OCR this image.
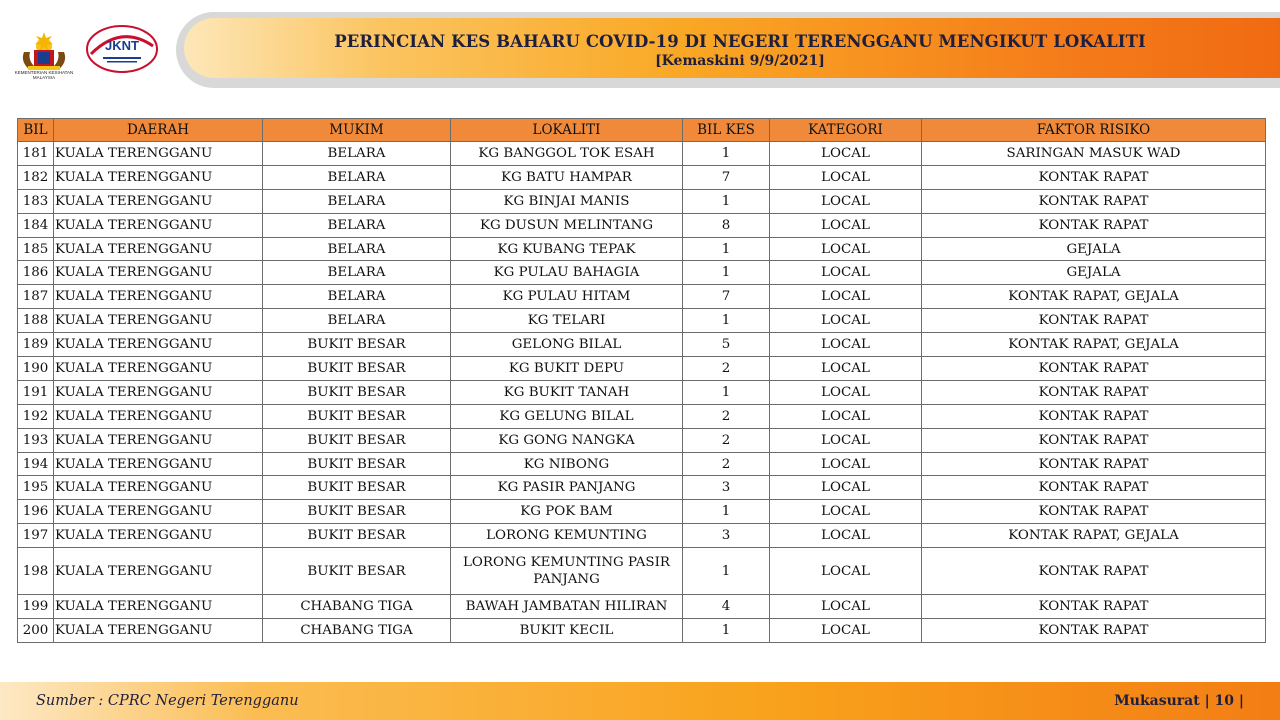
PERINCIAN KES BAHARU COVID-19 DI NEGERI TERENGGANU MENGIKUT LOKALITI
[Kemaskini 9/9/2021]
KEMENTERIAN KESIHATAN MALAYSIA
JKNT
BIL	DAERAH	MUKIM	LOKALITI	BIL KES	KATEGORI	FAKTOR RISIKO
181	KUALA TERENGGANU	BELARA	KG BANGGOL TOK ESAH	1	LOCAL	SARINGAN MASUK WAD
182	KUALA TERENGGANU	BELARA	KG BATU HAMPAR	7	LOCAL	KONTAK RAPAT
183	KUALA TERENGGANU	BELARA	KG BINJAI MANIS	1	LOCAL	KONTAK RAPAT
184	KUALA TERENGGANU	BELARA	KG DUSUN MELINTANG	8	LOCAL	KONTAK RAPAT
185	KUALA TERENGGANU	BELARA	KG KUBANG TEPAK	1	LOCAL	GEJALA
186	KUALA TERENGGANU	BELARA	KG PULAU BAHAGIA	1	LOCAL	GEJALA
187	KUALA TERENGGANU	BELARA	KG PULAU HITAM	7	LOCAL	KONTAK RAPAT, GEJALA
188	KUALA TERENGGANU	BELARA	KG TELARI	1	LOCAL	KONTAK RAPAT
189	KUALA TERENGGANU	BUKIT BESAR	GELONG BILAL	5	LOCAL	KONTAK RAPAT, GEJALA
190	KUALA TERENGGANU	BUKIT BESAR	KG BUKIT DEPU	2	LOCAL	KONTAK RAPAT
191	KUALA TERENGGANU	BUKIT BESAR	KG BUKIT TANAH	1	LOCAL	KONTAK RAPAT
192	KUALA TERENGGANU	BUKIT BESAR	KG GELUNG BILAL	2	LOCAL	KONTAK RAPAT
193	KUALA TERENGGANU	BUKIT BESAR	KG GONG NANGKA	2	LOCAL	KONTAK RAPAT
194	KUALA TERENGGANU	BUKIT BESAR	KG NIBONG	2	LOCAL	KONTAK RAPAT
195	KUALA TERENGGANU	BUKIT BESAR	KG PASIR PANJANG	3	LOCAL	KONTAK RAPAT
196	KUALA TERENGGANU	BUKIT BESAR	KG POK BAM	1	LOCAL	KONTAK RAPAT
197	KUALA TERENGGANU	BUKIT BESAR	LORONG KEMUNTING	3	LOCAL	KONTAK RAPAT, GEJALA
198	KUALA TERENGGANU	BUKIT BESAR	LORONG KEMUNTING PASIR PANJANG	1	LOCAL	KONTAK RAPAT
199	KUALA TERENGGANU	CHABANG TIGA	BAWAH JAMBATAN HILIRAN	4	LOCAL	KONTAK RAPAT
200	KUALA TERENGGANU	CHABANG TIGA	BUKIT KECIL	1	LOCAL	KONTAK RAPAT
Sumber : CPRC Negeri Terengganu	Mukasurat | 10 |
